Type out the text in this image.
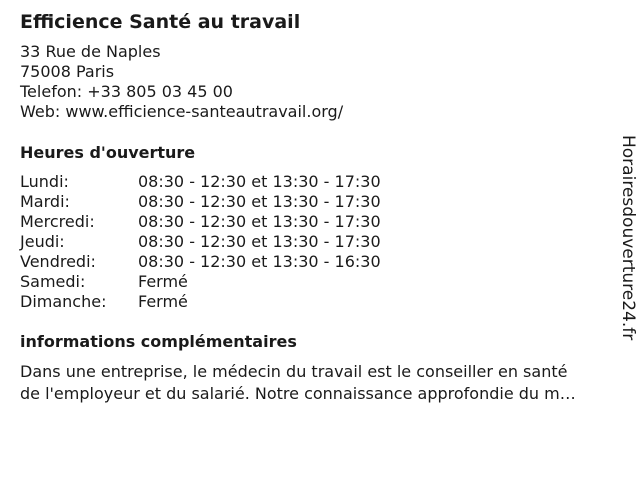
Efficience Santé au travail
33 Rue de Naples
75008 Paris
Telefon: +33 805 03 45 00
Web: www.efficience-santeautravail.org/
Heures d'ouverture
Lundi:	08:30 - 12:30 et 13:30 - 17:30
Mardi:	08:30 - 12:30 et 13:30 - 17:30
Mercredi:	08:30 - 12:30 et 13:30 - 17:30
Jeudi:	08:30 - 12:30 et 13:30 - 17:30
Vendredi:	08:30 - 12:30 et 13:30 - 16:30
Samedi:	Fermé
Dimanche:	Fermé
informations complémentaires
Dans une entreprise, le médecin du travail est le conseiller en santé
de l'employeur et du salarié. Notre connaissance approfondie du m…
Horairesdouverture24.fr
